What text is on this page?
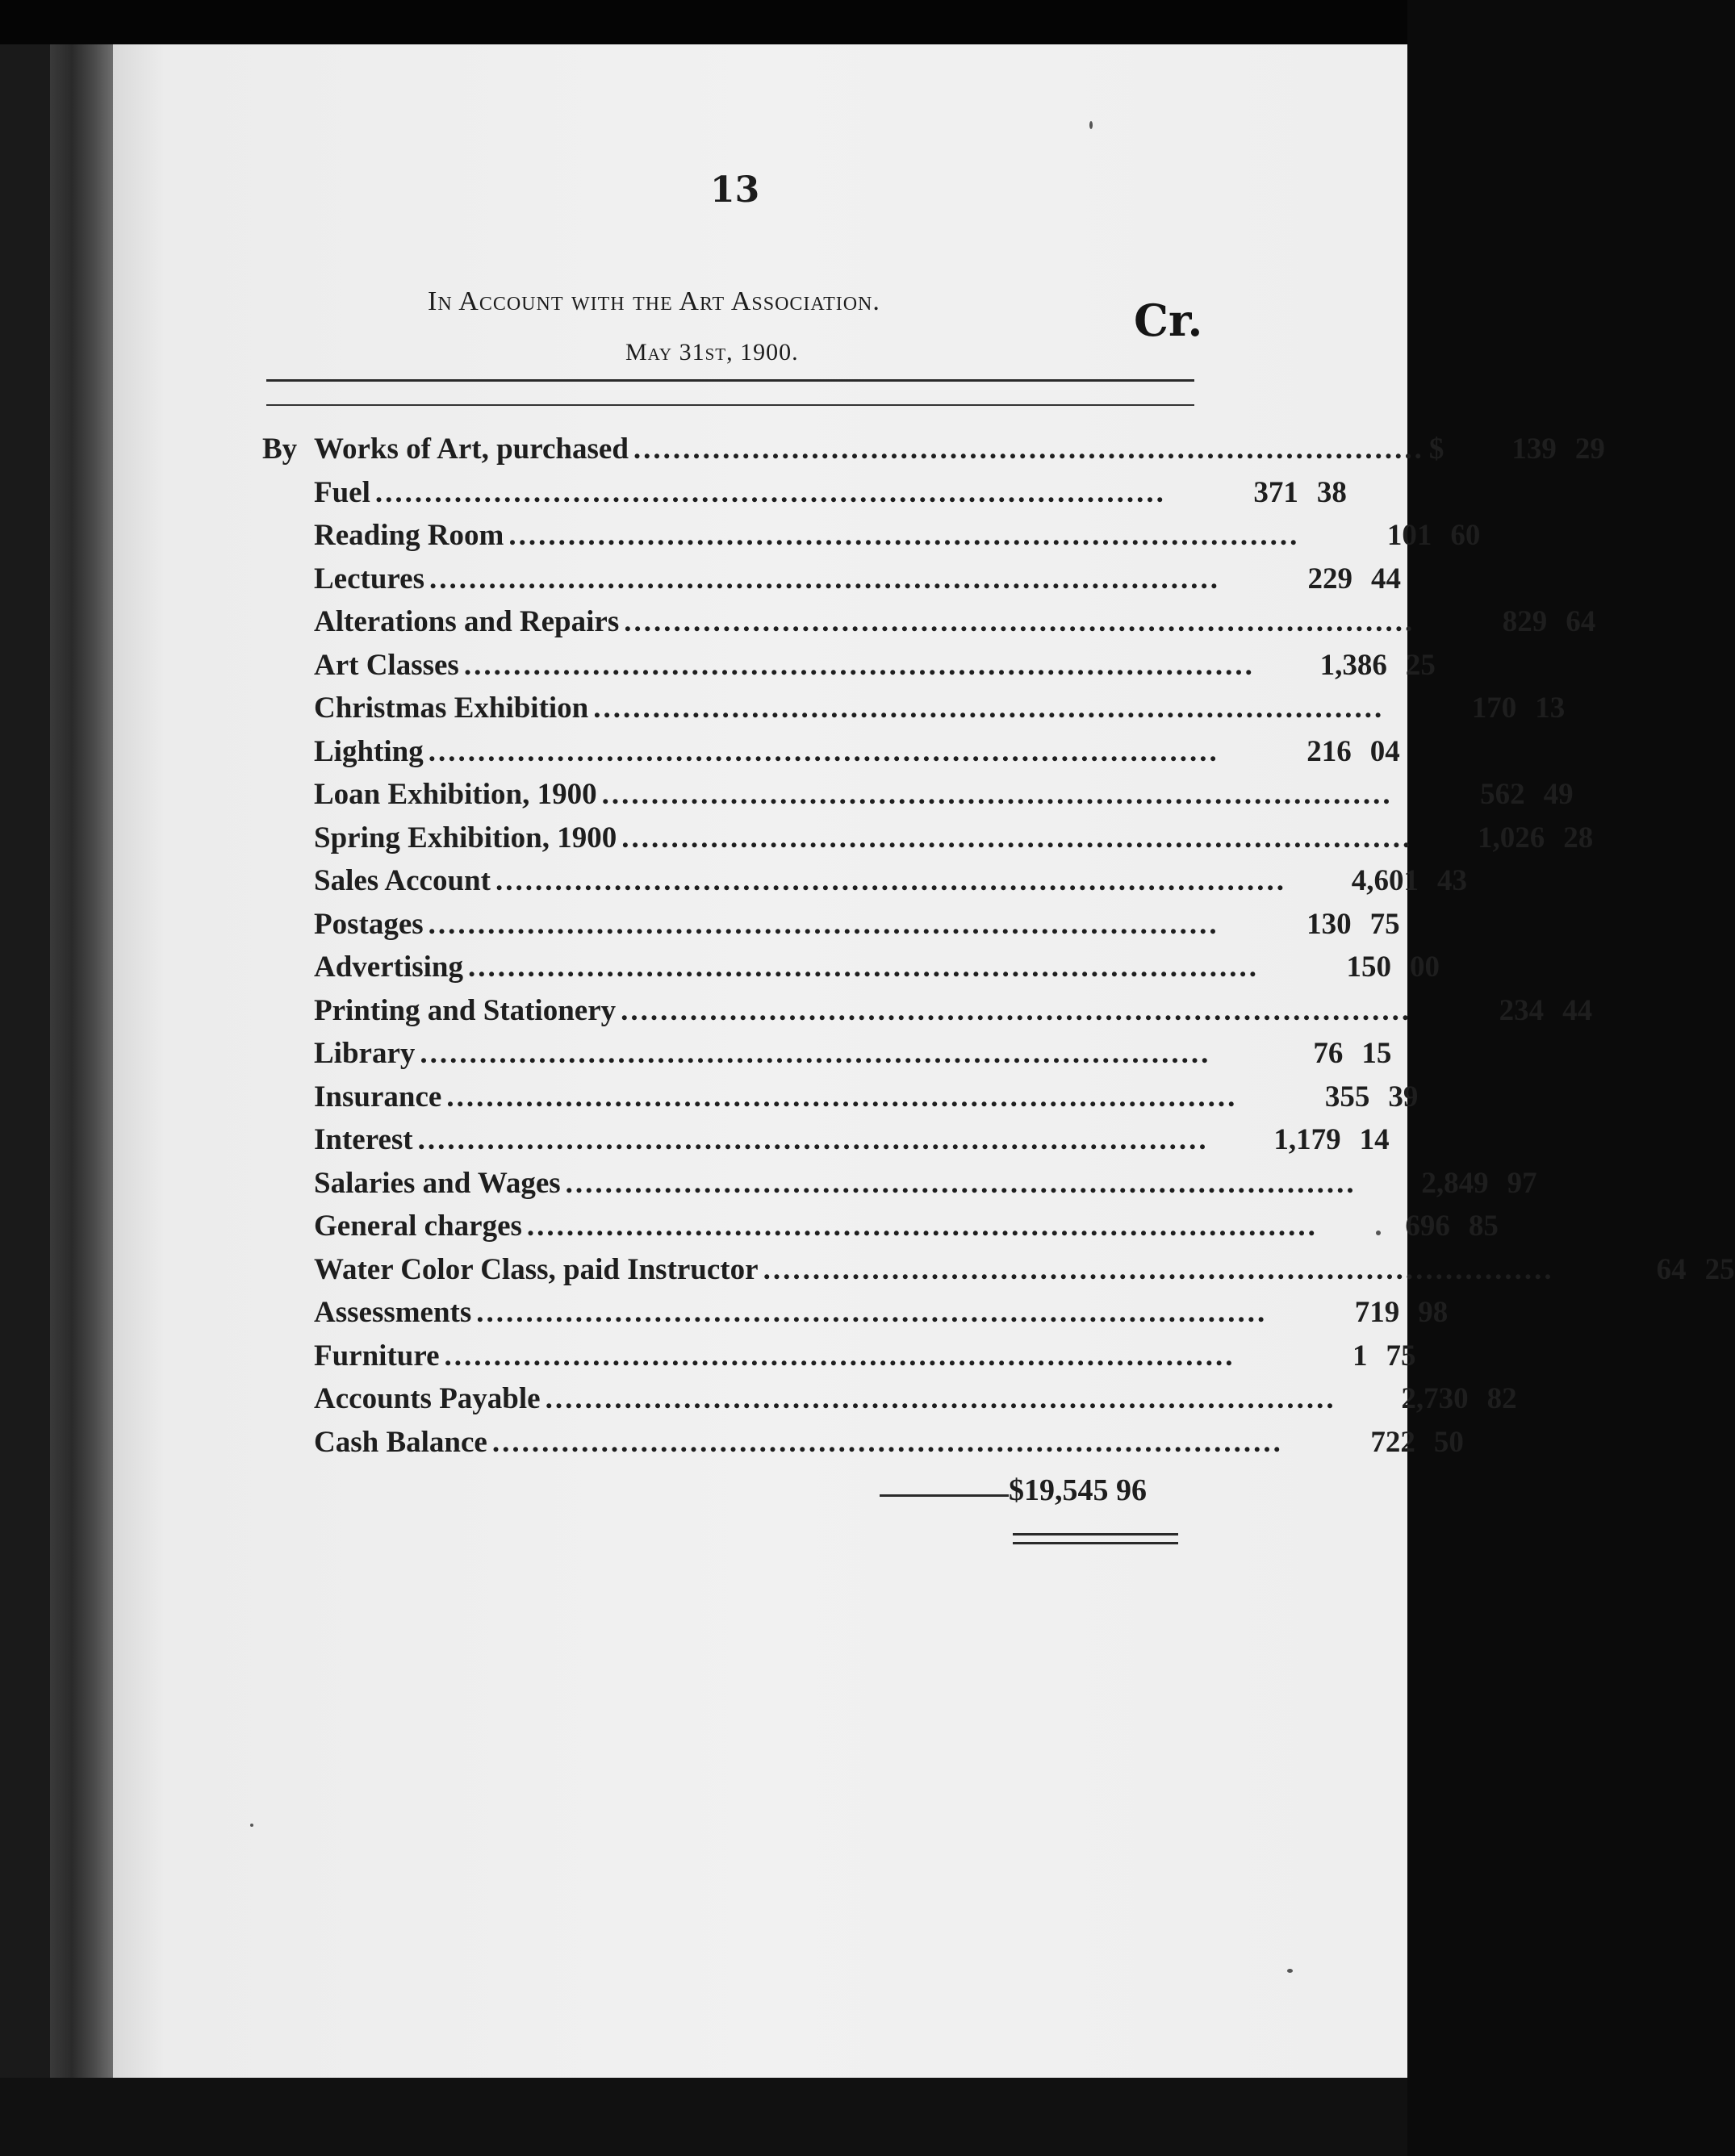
13
In Account with the Art Association.	Cr.
May 31st, 1900.
By Works of Art, purchased ................................................................................ $	139 29
Fuel ................................................................................	371 38
Reading Room ................................................................................	101 60
Lectures ................................................................................	229 44
Alterations and Repairs ................................................................................	829 64
Art Classes ................................................................................	1,386 25
Christmas Exhibition ................................................................................	170 13
Lighting ................................................................................	216 04
Loan Exhibition, 1900 ................................................................................	562 49
Spring Exhibition, 1900 ................................................................................	1,026 28
Sales Account ................................................................................	4,601 43
Postages ................................................................................	130 75
Advertising ................................................................................	150 00
Printing and Stationery ................................................................................	234 44
Library ................................................................................	76 15
Insurance ................................................................................	355 39
Interest ................................................................................	1,179 14
Salaries and Wages ................................................................................	2,849 97
General charges ................................................................................	696 85
Water Color Class, paid Instructor ................................................................................	64 25
Assessments ................................................................................	719 98
Furniture ................................................................................	1 75
Accounts Payable ................................................................................	2,730 82
Cash Balance ................................................................................	722 50
$19,545 96
